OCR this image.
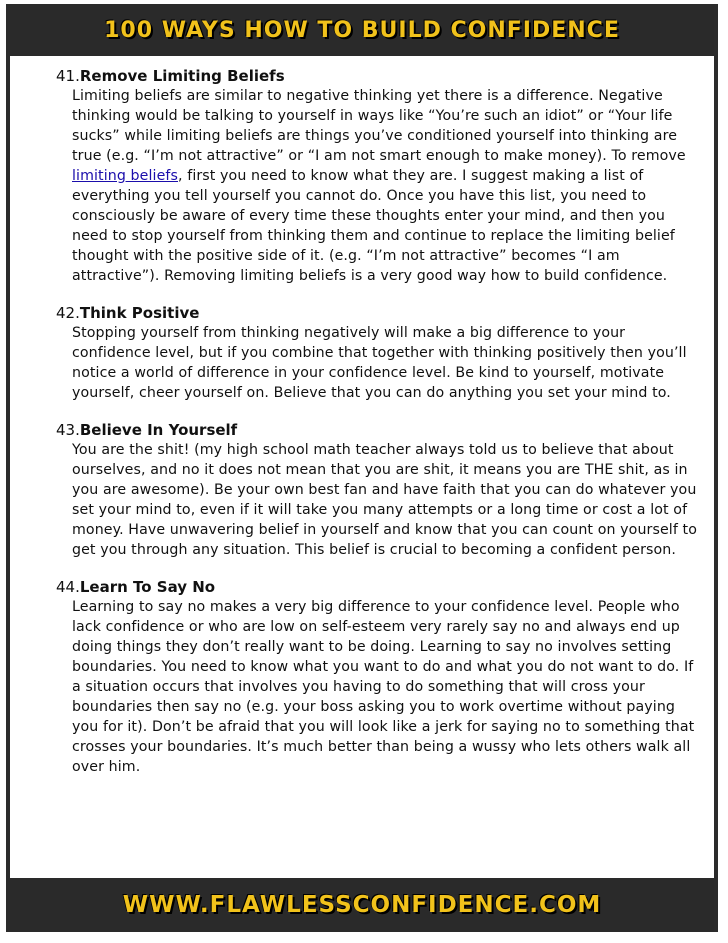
100 WAYS HOW TO BUILD CONFIDENCE
41.Remove Limiting Beliefs
Limiting beliefs are similar to negative thinking yet there is a difference. Negative thinking would be talking to yourself in ways like “You’re such an idiot” or “Your life sucks” while limiting beliefs are things you’ve conditioned yourself into thinking are true (e.g. “I’m not attractive” or “I am not smart enough to make money). To remove limiting beliefs, first you need to know what they are. I suggest making a list of everything you tell yourself you cannot do. Once you have this list, you need to consciously be aware of every time these thoughts enter your mind, and then you need to stop yourself from thinking them and continue to replace the limiting belief thought with the positive side of it. (e.g. “I’m not attractive” becomes “I am attractive”). Removing limiting beliefs is a very good way how to build confidence.
42.Think Positive
Stopping yourself from thinking negatively will make a big difference to your confidence level, but if you combine that together with thinking positively then you’ll notice a world of difference in your confidence level. Be kind to yourself, motivate yourself, cheer yourself on. Believe that you can do anything you set your mind to.
43.Believe In Yourself
You are the shit! (my high school math teacher always told us to believe that about ourselves, and no it does not mean that you are shit, it means you are THE shit, as in you are awesome). Be your own best fan and have faith that you can do whatever you set your mind to, even if it will take you many attempts or a long time or cost a lot of money. Have unwavering belief in yourself and know that you can count on yourself to get you through any situation. This belief is crucial to becoming a confident person.
44.Learn To Say No
Learning to say no makes a very big difference to your confidence level. People who lack confidence or who are low on self-esteem very rarely say no and always end up doing things they don’t really want to be doing. Learning to say no involves setting boundaries. You need to know what you want to do and what you do not want to do. If a situation occurs that involves you having to do something that will cross your boundaries then say no (e.g. your boss asking you to work overtime without paying you for it). Don’t be afraid that you will look like a jerk for saying no to something that crosses your boundaries. It’s much better than being a wussy who lets others walk all over him.
WWW.FLAWLESSCONFIDENCE.COM
